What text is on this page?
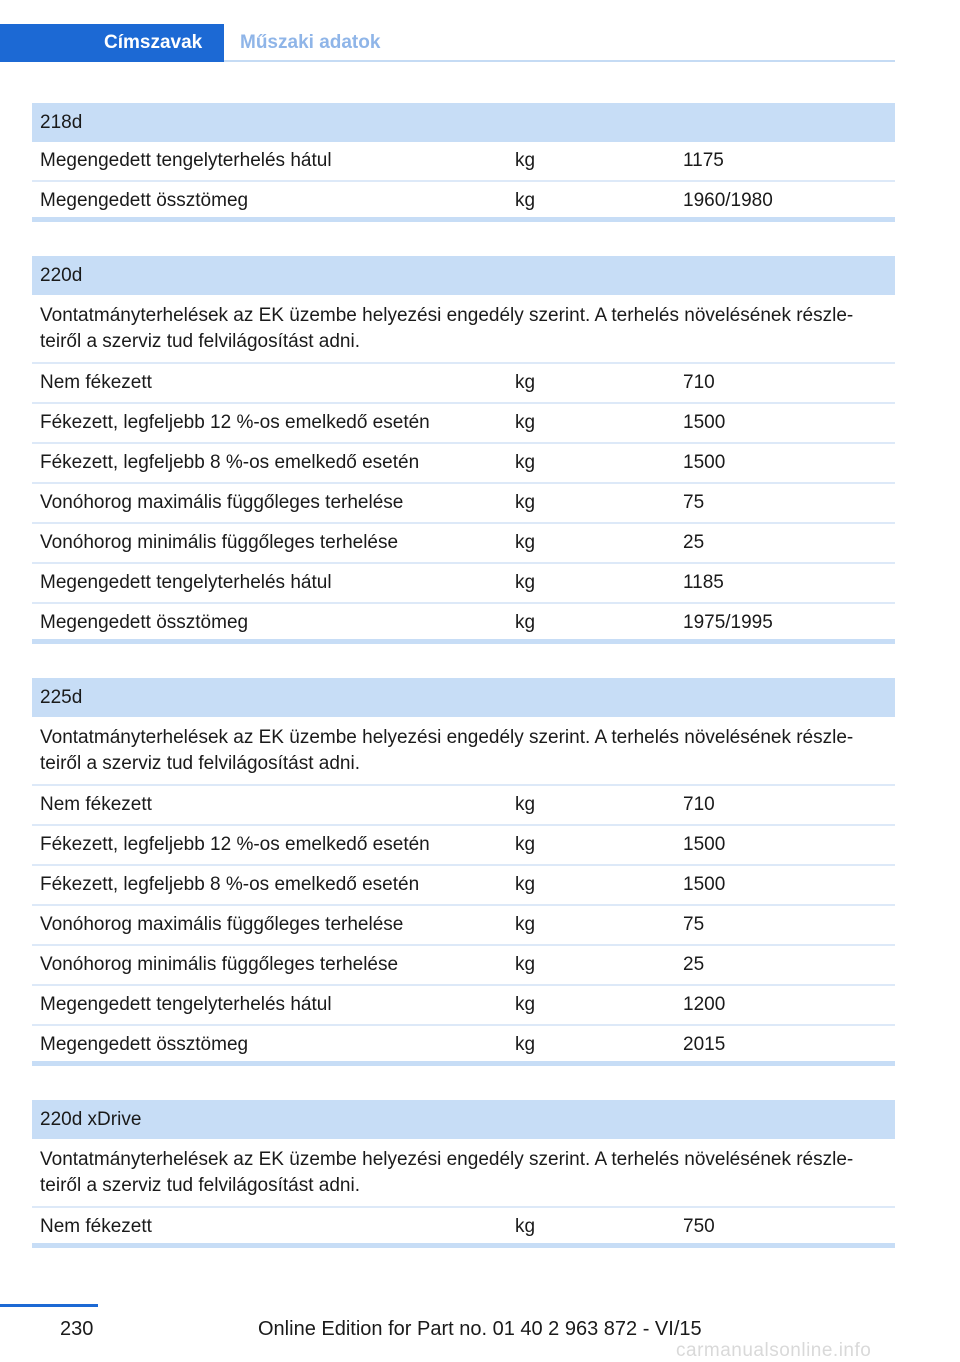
Címszavak	Műszaki adatok
218d
Megengedett tengelyterhelés hátul	kg	1175
Megengedett össztömeg	kg	1960/1980
220d
Vontatmányterhelések az EK üzembe helyezési engedély szerint. A terhelés növelésének részle‐teiről a szerviz tud felvilágosítást adni.
Nem fékezett	kg	710
Fékezett, legfeljebb 12 %-os emelkedő esetén	kg	1500
Fékezett, legfeljebb 8 %-os emelkedő esetén	kg	1500
Vonóhorog maximális függőleges terhelése	kg	75
Vonóhorog minimális függőleges terhelése	kg	25
Megengedett tengelyterhelés hátul	kg	1185
Megengedett össztömeg	kg	1975/1995
225d
Vontatmányterhelések az EK üzembe helyezési engedély szerint. A terhelés növelésének részle‐teiről a szerviz tud felvilágosítást adni.
Nem fékezett	kg	710
Fékezett, legfeljebb 12 %-os emelkedő esetén	kg	1500
Fékezett, legfeljebb 8 %-os emelkedő esetén	kg	1500
Vonóhorog maximális függőleges terhelése	kg	75
Vonóhorog minimális függőleges terhelése	kg	25
Megengedett tengelyterhelés hátul	kg	1200
Megengedett össztömeg	kg	2015
220d xDrive
Vontatmányterhelések az EK üzembe helyezési engedély szerint. A terhelés növelésének részle‐teiről a szerviz tud felvilágosítást adni.
Nem fékezett	kg	750
230	Online Edition for Part no. 01 40 2 963 872 - VI/15
carmanualsonline.info
